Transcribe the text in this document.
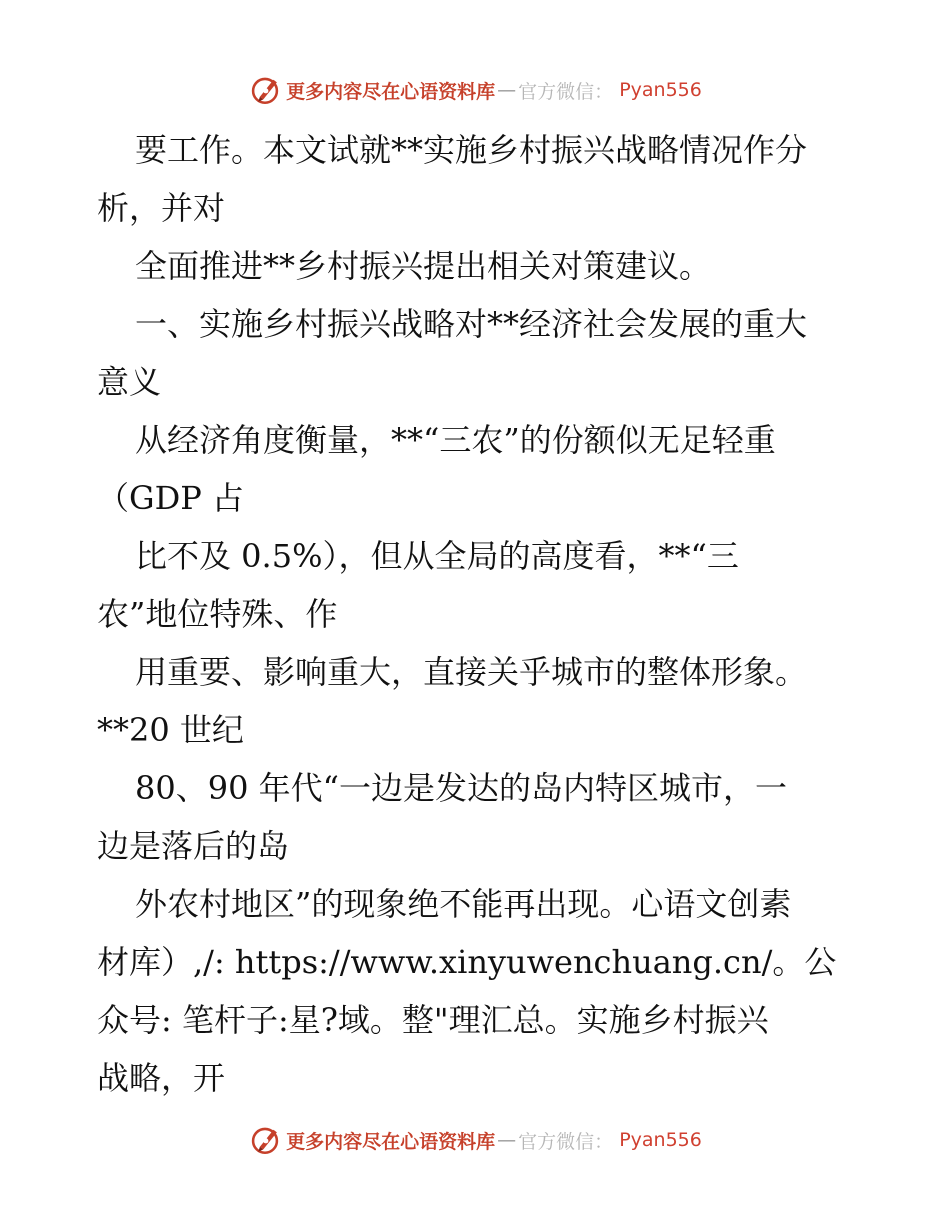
更多内容尽在心语资料库 — 官方微信： Pyan556
要工作。本文试就**实施乡村振兴战略情况作分
析，并对
全面推进**乡村振兴提出相关对策建议。
一、实施乡村振兴战略对**经济社会发展的重大
意义
从经济角度衡量，**“三农”的份额似无足轻重
（GDP 占
比不及 0.5%），但从全局的高度看，**“三
农”地位特殊、作
用重要、影响重大，直接关乎城市的整体形象。
**20 世纪
80、90 年代“一边是发达的岛内特区城市，一
边是落后的岛
外农村地区”的现象绝不能再出现。心语文创素
材库）,/: https://www.xinyuwenchuang.cn/。公
众号: 笔杆子:星?域。整"理汇总。实施乡村振兴
战略，开
更多内容尽在心语资料库 — 官方微信： Pyan556
